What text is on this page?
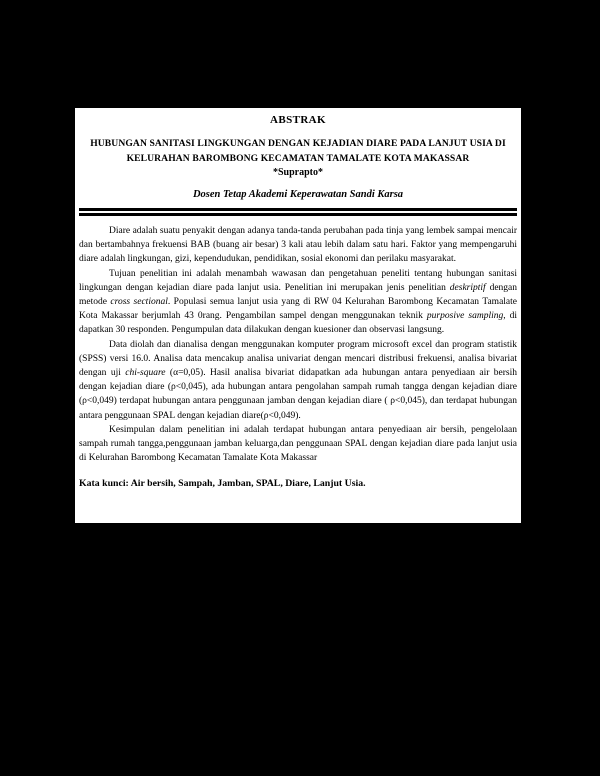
ABSTRAK
HUBUNGAN SANITASI LINGKUNGAN DENGAN KEJADIAN DIARE PADA LANJUT USIA DI
KELURAHAN BAROMBONG KECAMATAN TAMALATE KOTA MAKASSAR
*Suprapto*
Dosen Tetap Akademi Keperawatan Sandi Karsa

Diare adalah suatu penyakit dengan adanya tanda-tanda perubahan pada tinja yang lembek sampai mencair dan bertambahnya frekuensi BAB (buang air besar) 3 kali atau lebih dalam satu hari. Faktor yang mempengaruhi diare adalah lingkungan, gizi, kependudukan, pendidikan, sosial ekonomi dan perilaku masyarakat.

Tujuan penelitian ini adalah menambah wawasan dan pengetahuan peneliti tentang hubungan sanitasi lingkungan dengan kejadian diare pada lanjut usia. Penelitian ini merupakan jenis penelitian deskriptif dengan metode cross sectional. Populasi semua lanjut usia yang di RW 04 Kelurahan Barombong Kecamatan Tamalate Kota Makassar berjumlah 43 0rang. Pengambilan sampel dengan menggunakan teknik purposive sampling, di dapatkan 30 responden. Pengumpulan data dilakukan dengan kuesioner dan observasi langsung.

Data diolah dan dianalisa dengan menggunakan komputer program microsoft excel dan program statistik (SPSS) versi 16.0. Analisa data mencakup analisa univariat dengan mencari distribusi frekuensi, analisa bivariat dengan uji chi-square (α=0,05). Hasil analisa bivariat didapatkan ada hubungan antara penyediaan air bersih dengan kejadian diare (ρ<0,045), ada hubungan antara pengolahan sampah rumah tangga dengan kejadian diare (ρ<0,049) terdapat hubungan antara penggunaan jamban dengan kejadian diare ( ρ<0,045), dan terdapat hubungan antara penggunaan SPAL dengan kejadian diare(ρ<0,049).

Kesimpulan dalam penelitian ini adalah terdapat hubungan antara penyediaan air bersih, pengelolaan sampah rumah tangga,penggunaan jamban keluarga,dan penggunaan SPAL dengan kejadian diare pada lanjut usia di Kelurahan Barombong Kecamatan Tamalate Kota Makassar

Kata kunci: Air bersih, Sampah, Jamban, SPAL, Diare, Lanjut Usia.
